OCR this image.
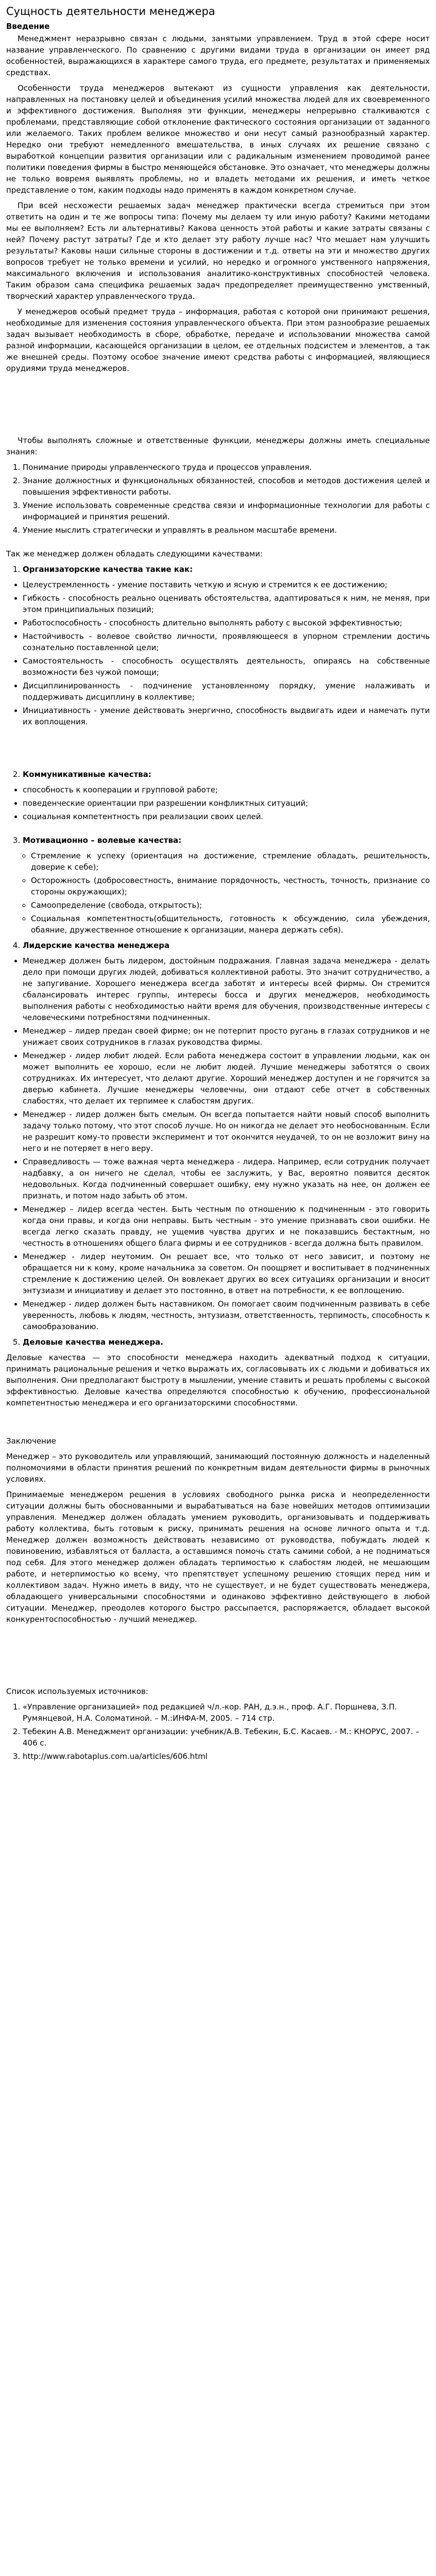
Сущность деятельности менеджера
Введение

Менеджмент неразрывно связан с людьми, занятыми управлением. Труд в этой сфере носит название управленческого. По сравнению с другими видами труда в организации он имеет ряд особенностей, выражающихся в характере самого труда, его предмете, результатах и применяемых средствах.

Особенности труда менеджеров вытекают из сущности управления как деятельности, направленных на постановку целей и объединения усилий множества людей для их своевременного и эффективного достижения. Выполняя эти функции, менеджеры непрерывно сталкиваются с проблемами, представляющие собой отклонение фактического состояния организации от заданного или желаемого. Таких проблем великое множество и они несут самый разнообразный характер. Нередко они требуют немедленного вмешательства, в иных случаях их решение связано с выработкой концепции развития организации или с радикальным изменением проводимой ранее политики поведения фирмы в быстро меняющейся обстановке. Это означает, что менеджеры должны не только вовремя выявлять проблемы, но и владеть методами их решения, и иметь четкое представление о том, каким подходы надо применять в каждом конкретном случае.

При всей несхожести решаемых задач менеджер практически всегда стремиться при этом ответить на один и те же вопросы типа: Почему мы делаем ту или иную работу? Какими методами мы ее выполняем? Есть ли альтернативы? Какова ценность этой работы и какие затраты связаны с ней? Почему растут затраты? Где и кто делает эту работу лучше нас? Что мешает нам улучшить результаты? Каковы наши сильные стороны в достижении и т.д. ответы на эти и множество других вопросов требует не только времени и усилий, но нередко и огромного умственного напряжения, максимального включения и использования аналитико-конструктивных способностей человека. Таким образом сама специфика решаемых задач предопределяет преимущественно умственный, творческий характер управленческого труда.

У менеджеров особый предмет труда – информация, работая с которой они принимают решения, необходимые для изменения состояния управленческого объекта. При этом разнообразие решаемых задач вызывает необходимость в сборе, обработке, передаче и использовании множества самой разной информации, касающейся организации в целом, ее отдельных подсистем и элементов, а так же внешней среды. Поэтому особое значение имеют средства работы с информацией, являющиеся орудиями труда менеджеров.

Чтобы выполнять сложные и ответственные функции, менеджеры должны иметь специальные знания:

1. Понимание природы управленческого труда и процессов управления.
2. Знание должностных и функциональных обязанностей, способов и методов достижения целей и повышения эффективности работы.
3. Умение использовать современные средства связи и информационные технологии для работы с информацией и принятия решений.
4. Умение мыслить стратегически и управлять в реальном масштабе времени.

Так же менеджер должен обладать следующими качествами:

1. Организаторские качества такие как:
• Целеустремленность - умение поставить четкую и ясную и стремится к ее достижению;
• Гибкость - способность реально оценивать обстоятельства, адаптироваться к ним, не меняя, при этом принципиальных позиций;
• Работоспособность - способность длительно выполнять работу с высокой эффективностью;
• Настойчивость - волевое свойство личности, проявляющееся в упорном стремлении достичь сознательно поставленной цели;
• Самостоятельность - способность осуществлять деятельность, опираясь на собственные возможности без чужой помощи;
• Дисциплинированность - подчинение установленному порядку, умение налаживать и поддерживать дисциплину в коллективе;
• Инициативность - умение действовать энергично, способность выдвигать идеи и намечать пути их воплощения.
2. Коммуникативные качества:
• способность к кооперации и групповой работе;
• поведенческие ориентации при разрешении конфликтных ситуаций;
• социальная компетентность при реализации своих целей.
3. Мотивационно – волевые качества:
◦ Стремление к успеху (ориентация на достижение, стремление обладать, решительность, доверие к себе);
◦ Осторожность (добросовестность, внимание порядочность, честность, точность, признание со стороны окружающих);
◦ Самоопределение (свобода, открытость);
◦ Социальная компетентность(общительность, готовность к обсуждению, сила убеждения, обаяние, дружественное отношение к организации, манера держать себя).
4. Лидерские качества менеджера
• Менеджер должен быть лидером, достойным подражания. Главная задача менеджера - делать дело при помощи других людей, добиваться коллективной работы. Это значит сотрудничество, а не запугивание. Хорошего менеджера всегда заботят и интересы всей фирмы. Он стремится сбалансировать интерес группы, интересы босса и других менеджеров, необходимость выполнения работы с необходимостью найти время для обучения, производственные интересы с человеческими потребностями подчиненных.
• Менеджер – лидер предан своей фирме; он не потерпит просто ругань в глазах сотрудников и не унижает своих сотрудников в глазах руководства фирмы.
• Менеджер - лидер любит людей. Если работа менеджера состоит в управлении людьми, как он может выполнить ее хорошо, если не любит людей. Лучшие менеджеры заботятся о своих сотрудниках. Их интересует, что делают другие. Хороший менеджер доступен и не горячится за дверью кабинета. Лучшие менеджеры человечны, они отдают себе отчет в собственных слабостях, что делает их терпимее к слабостям других.
• Менеджер - лидер должен быть смелым. Он всегда попытается найти новый способ выполнить задачу только потому, что этот способ лучше. Но он никогда не делает это необоснованным. Если не разрешит кому-то провести эксперимент и тот окончится неудачей, то он не возложит вину на него и не потеряет в него веру.
• Справедливость — тоже важная черта менеджера - лидера. Например, если сотрудник получает надбавку, а он ничего не сделал, чтобы ее заслужить, у Вас, вероятно появится десяток недовольных. Когда подчиненный совершает ошибку, ему нужно указать на нее, он должен ее признать, и потом надо забыть об этом.
• Менеджер – лидер всегда честен. Быть честным по отношению к подчиненным - это говорить когда они правы, и когда они неправы. Быть честным - это умение признавать свои ошибки. Не всегда легко сказать правду, не ущемив чувства других и не показавшись бестактным, но честность в отношениях общего блага фирмы и ее сотрудников - всегда должна быть правилом.
• Менеджер - лидер неутомим. Он решает все, что только от него зависит, и поэтому не обращается ни к кому, кроме начальника за советом. Он поощряет и воспитывает в подчиненных стремление к достижению целей. Он вовлекает других во всех ситуациях организации и вносит энтузиазм и инициативу и делает это постоянно, в ответ на потребности, к ее воплощению.
• Менеджер - лидер должен быть наставником. Он помогает своим подчиненным развивать в себе уверенность, любовь к людям, честность, энтузиазм, ответственность, терпимость, способность к самообразованию.
5. Деловые качества менеджера.

Деловые качества — это способности менеджера находить адекватный подход к ситуации, принимать рациональные решения и четко выражать их, согласовывать их с людьми и добиваться их выполнения. Они предполагают быстроту в мышлении, умение ставить и решать проблемы с высокой эффективностью. Деловые качества определяются способностью к обучению, профессиональной компетентностью менеджера и его организаторскими способностями.

Заключение

Менеджер – это руководитель или управляющий, занимающий постоянную должность и наделенный полномочиями в области принятия решений по конкретным видам деятельности фирмы в рыночных условиях.

Принимаемые менеджером решения в условиях свободного рынка риска и неопределенности ситуации должны быть обоснованными и вырабатываться на базе новейших методов оптимизации управления. Менеджер должен обладать умением руководить, организовывать и поддерживать работу коллектива, быть готовым к риску, принимать решения на основе личного опыта и т.д. Менеджер должен возможность действовать независимо от руководства, побуждать людей к повиновению, избавляться от балласта, а оставшимся помочь стать самими собой, а не подниматься под себя. Для этого менеджер должен обладать терпимостью к слабостям людей, не мешающим работе, и нетерпимостью ко всему, что препятствует успешному решению стоящих перед ним и коллективом задач. Нужно иметь в виду, что не существует, и не будет существовать менеджера, обладающего универсальными способностями и одинаково эффективно действующего в любой ситуации. Менеджер, преодолев которого быстро рассыпается, распоряжается, обладает высокой конкурентоспособностью - лучший менеджер.

Список используемых источников:
1. «Управление организацией» под редакцией ч/л.-кор. РАН, д.э.н., проф. А.Г. Поршнева, З.П. Румянцевой, Н.А. Соломатиной. – М.:ИНФА-М, 2005. – 714 стр.
2. Тебекин А.В. Менеджмент организации: учебник/А.В. Тебекин, Б.С. Касаев. - М.: КНОРУС, 2007. – 406 с.
3. http://www.rabotaplus.com.ua/articles/606.html
